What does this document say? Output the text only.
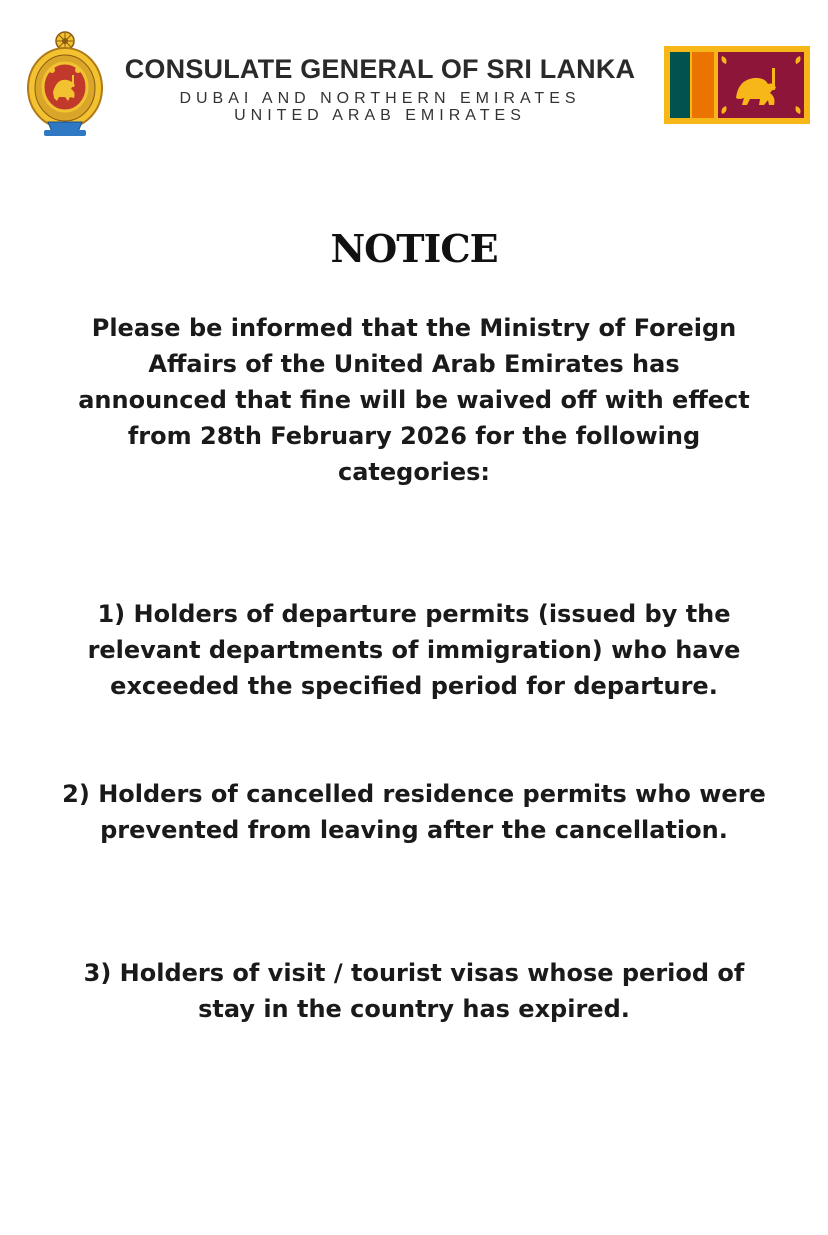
CONSULATE GENERAL OF SRI LANKA
DUBAI AND NORTHERN EMIRATES
UNITED ARAB EMIRATES
NOTICE
Please be informed that the Ministry of Foreign Affairs of the United Arab Emirates has announced that fine will be waived off with effect from 28th February 2026 for the following categories:
1) Holders of departure permits (issued by the relevant departments of immigration) who have exceeded the specified period for departure.
2) Holders of cancelled residence permits who were prevented from leaving after the cancellation.
3) Holders of visit / tourist visas whose period of stay in the country has expired.
